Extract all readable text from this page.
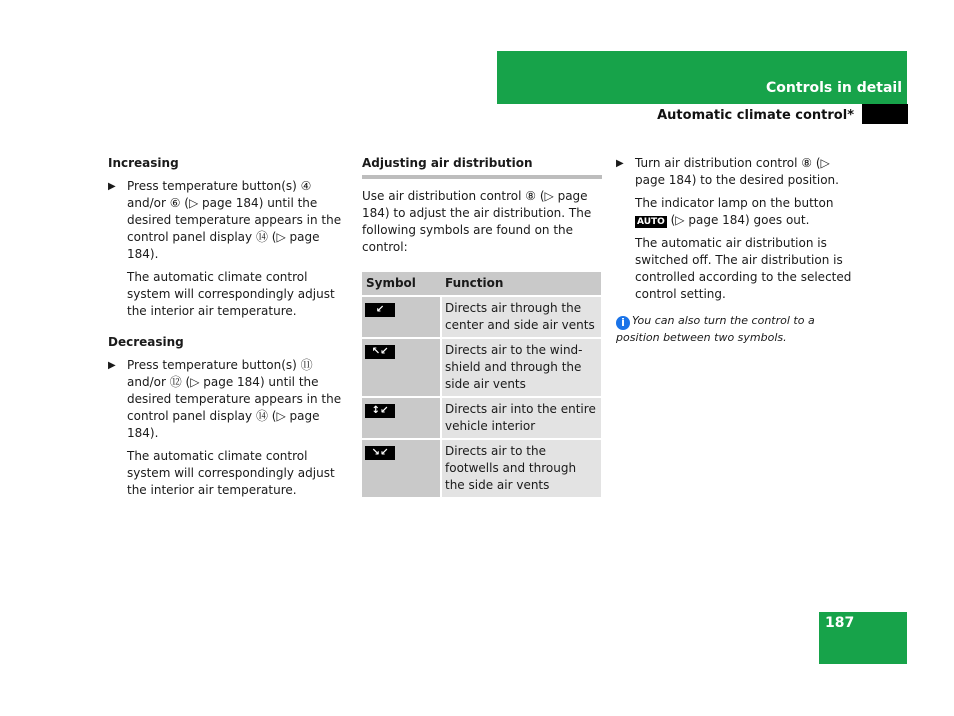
Controls in detail
Automatic climate control*
Increasing
▶ Press temperature button(s) ④ and/or ⑥ (▷ page 184) until the desired temperature appears in the control panel display ⑭ (▷ page 184).

The automatic climate control system will correspondingly adjust the interior air temperature.

Decreasing
▶ Press temperature button(s) ⑪ and/or ⑫ (▷ page 184) until the desired temperature appears in the control panel display ⑭ (▷ page 184).

The automatic climate control system will correspondingly adjust the interior air temperature.

Adjusting air distribution

Use air distribution control ⑧ (▷ page 184) to adjust the air distribution. The following symbols are found on the control:

Symbol	Function
↙	Directs air through the center and side air vents
↖↙	Directs air to the wind-shield and through the side air vents
↕↙	Directs air into the entire vehicle interior
↘↙	Directs air to the footwells and through the side air vents
▶ Turn air distribution control ⑧ (▷ page 184) to the desired position.

The indicator lamp on the button AUTO (▷ page 184) goes out.

The automatic air distribution is switched off. The air distribution is controlled according to the selected control setting.

i You can also turn the control to a position between two symbols.

187
